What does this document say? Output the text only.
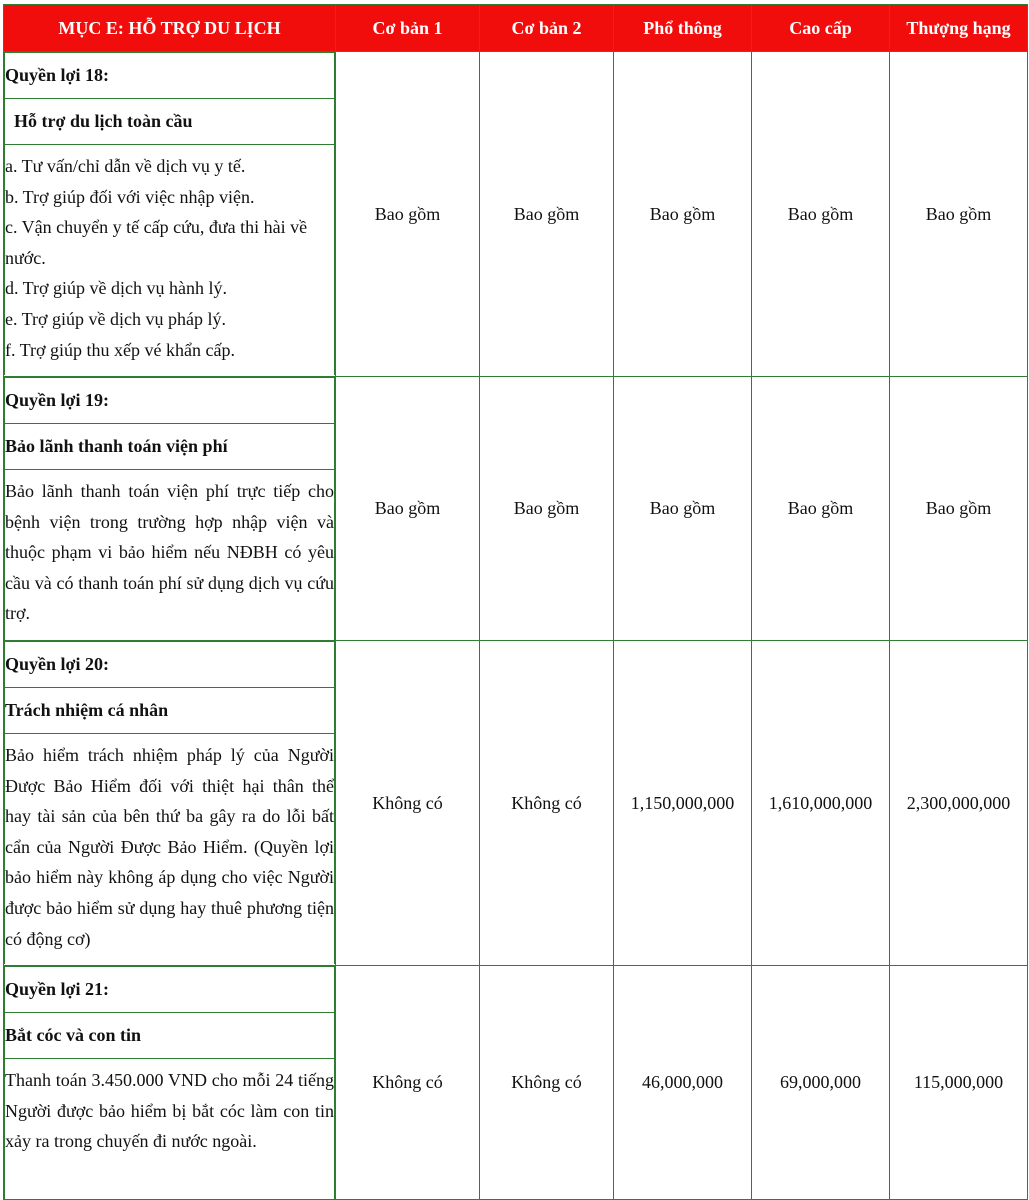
MỤC E: HỖ TRỢ DU LỊCH	Cơ bản 1	Cơ bản 2	Phổ thông	Cao cấp	Thượng hạng

Quyền lợi 18:
Hỗ trợ du lịch toàn cầu

a. Tư vấn/chỉ dẫn về dịch vụ y tế.
b. Trợ giúp đối với việc nhập viện.
c. Vận chuyển y tế cấp cứu, đưa thi hài về nước.
d. Trợ giúp về dịch vụ hành lý.
e. Trợ giúp về dịch vụ pháp lý.
f. Trợ giúp thu xếp vé khẩn cấp.
	Bao gồm	Bao gồm	Bao gồm	Bao gồm	Bao gồm

Quyền lợi 19:
Bảo lãnh thanh toán viện phí
Bảo lãnh thanh toán viện phí trực tiếp cho bệnh viện trong trường hợp nhập viện và thuộc phạm vi bảo hiểm nếu NĐBH có yêu cầu và có thanh toán phí sử dụng dịch vụ cứu trợ.
	Bao gồm	Bao gồm	Bao gồm	Bao gồm	Bao gồm

Quyền lợi 20:
Trách nhiệm cá nhân
Bảo hiểm trách nhiệm pháp lý của Người Được Bảo Hiểm đối với thiệt hại thân thể hay tài sản của bên thứ ba gây ra do lỗi bất cẩn của Người Được Bảo Hiểm. (Quyền lợi bảo hiểm này không áp dụng cho việc Người được bảo hiểm sử dụng hay thuê phương tiện có động cơ)
	Không có	Không có	1,150,000,000	1,610,000,000	2,300,000,000

Quyền lợi 21:
Bắt cóc và con tin
Thanh toán 3.450.000 VND cho mỗi 24 tiếng Người được bảo hiểm bị bắt cóc làm con tin xảy ra trong chuyến đi nước ngoài.
	Không có	Không có	46,000,000	69,000,000	115,000,000
